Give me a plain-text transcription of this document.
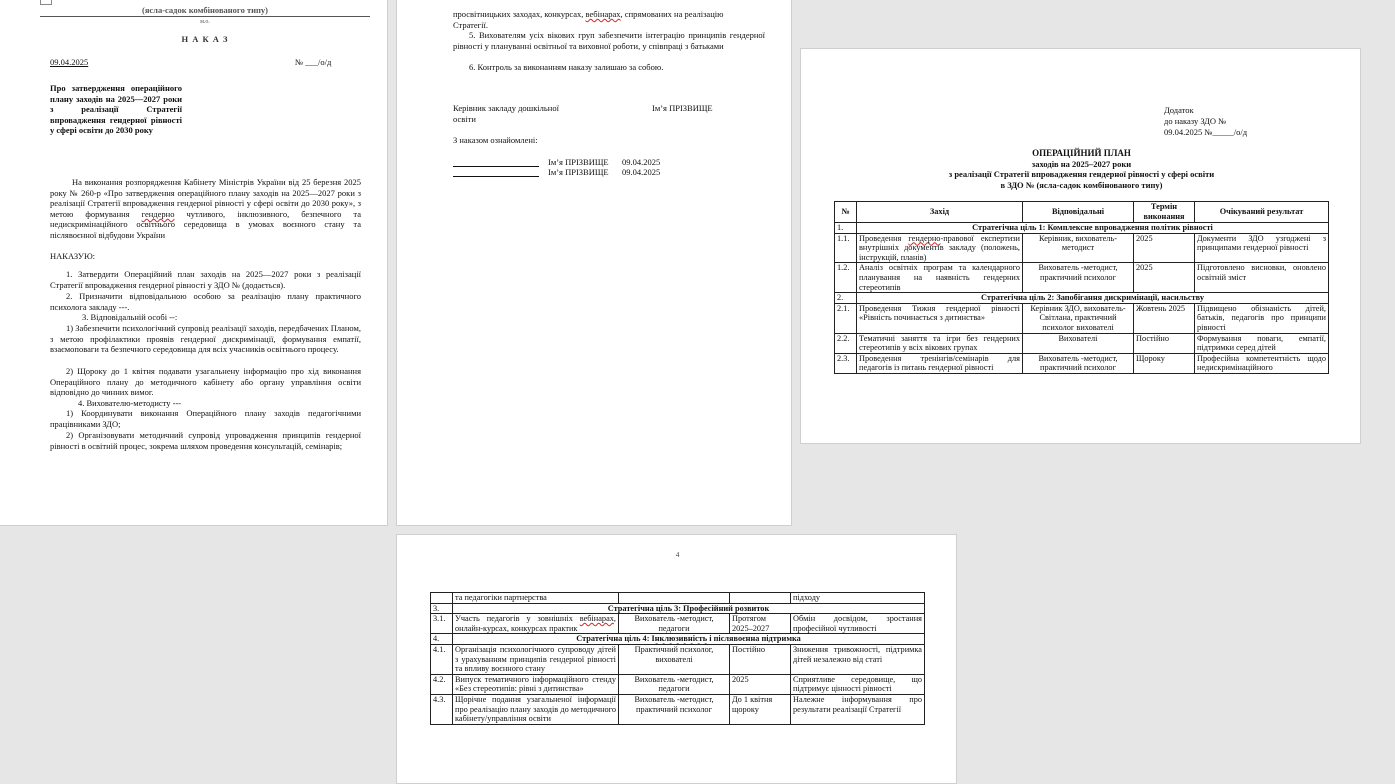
(ясла-садок комбінованого типу)
м.о.
Н А К А З
09.04.2025	№ ___/о/д
Про затвердження операційного плану заходів на 2025—2027 роки з реалізації Стратегії впровадження гендерної рівності у сфері освіти до 2030 року
На виконання розпорядження Кабінету Міністрів України від 25 березня 2025 року № 260-р «Про затвердження операційного плану заходів на 2025—2027 роки з реалізації Стратегії впровадження гендерної рівності у сфері освіти до 2030 року», з метою формування гендерно чутливого, інклюзивного, безпечного та недискримінаційного освітнього середовища в умовах воєнного стану та післявоєнної відбудови України
НАКАЗУЮ:
1. Затвердити Операційний план заходів на 2025—2027 роки з реалізації Стратегії впровадження гендерної рівності у ЗДО № (додається).
2. Призначити відповідальною особою за реалізацію плану практичного психолога закладу ---.
3. Відповідальній особі --:
1) Забезпечити психологічний супровід реалізації заходів, передбачених Планом, з метою профілактики проявів гендерної дискримінації, формування емпатії, взаємоповаги та безпечного середовища для всіх учасників освітнього процесу.
2) Щороку до 1 квітня подавати узагальнену інформацію про хід виконання Операційного плану до методичного кабінету або органу управління освіти відповідно до чинних вимог.
4. Вихователю-методисту ---
1) Координувати виконання Операційного плану заходів педагогічними працівниками ЗДО;
2) Організовувати методичний супровід упровадження принципів гендерної рівності в освітній процес, зокрема шляхом проведення консультацій, семінарів;
просвітницьких заходах, конкурсах, вебінарах, спрямованих на реалізацію
Стратегії.
5. Вихователям усіх вікових груп забезпечити інтеграцію принципів гендерної рівності у плануванні освітньої та виховної роботи, у співпраці з батьками
6. Контроль за виконанням наказу залишаю за собою.
Керівник закладу дошкільної освіти
Ім’я ПРІЗВИЩЕ
З наказом ознайомлені:
Ім’я ПРІЗВИЩЕ 09.04.2025
Ім’я ПРІЗВИЩЕ 09.04.2025
Додаток
до наказу ЗДО №
09.04.2025 №_____/о/д
ОПЕРАЦІЙНИЙ ПЛАН
заходів на 2025–2027 роки
з реалізації Стратегії впровадження гендерної рівності у сфері освіти
в ЗДО № (ясла-садок комбінованого типу)
№	Захід	Відповідальні	Термін виконання	Очікуваний результат
1.	Стратегічна ціль 1: Комплексне впровадження політик рівності			
1.1.	Проведення гендерно-правової експертизи внутрішніх документів закладу (положень, інструкцій, планів)	Керівник, вихователь-методист	2025	Документи ЗДО узгоджені з принципами гендерної рівності
1.2.	Аналіз освітніх програм та календарного планування на наявність гендерних стереотипів	Вихователь -методист, практичний психолог	2025	Підготовлено висновки, оновлено освітній зміст
2.	Стратегічна ціль 2: Запобігання дискримінації, насильству			
2.1.	Проведення Тижня гендерної рівності «Рівність починається з дитинства»	Керівник ЗДО, вихователь- Світлана, практичний психолог вихователі	Жовтень 2025	Підвищено обізнаність дітей, батьків, педагогів про принципи рівності
2.2.	Тематичні заняття та ігри без гендерних стереотипів у всіх вікових групах	Вихователі	Постійно	Формування поваги, емпатії, підтримки серед дітей
2.3.	Проведення тренінгів/семінарів для педагогів із питань гендерної рівності	Вихователь -методист, практичний психолог	Щороку	Професійна компетентність щодо недискримінаційного
4
	та педагогіки партнерства			підходу
3.	Стратегічна ціль 3: Професійний розвиток			
3.1.	Участь педагогів у зовнішніх вебінарах, онлайн-курсах, конкурсах практик	Вихователь -методист, педагоги	Протягом 2025–2027	Обмін досвідом, зростання професійної чутливості
4.	Стратегічна ціль 4: Інклюзивність і післявоєнна підтримка			
4.1.	Організація психологічного супроводу дітей з урахуванням принципів гендерної рівності та впливу воєнного стану	Практичний психолог, вихователі	Постійно	Зниження тривожності, підтримка дітей незалежно від статі
4.2.	Випуск тематичного інформаційного стенду «Без стереотипів: рівні з дитинства»	Вихователь -методист, педагоги	2025	Сприятливе середовище, що підтримує цінності рівності
4.3.	Щорічне подання узагальненої інформації про реалізацію плану заходів до методичного кабінету/управління освіти	Вихователь -методист, практичний психолог	До 1 квітня щороку	Належне інформування про результати реалізації Стратегії
